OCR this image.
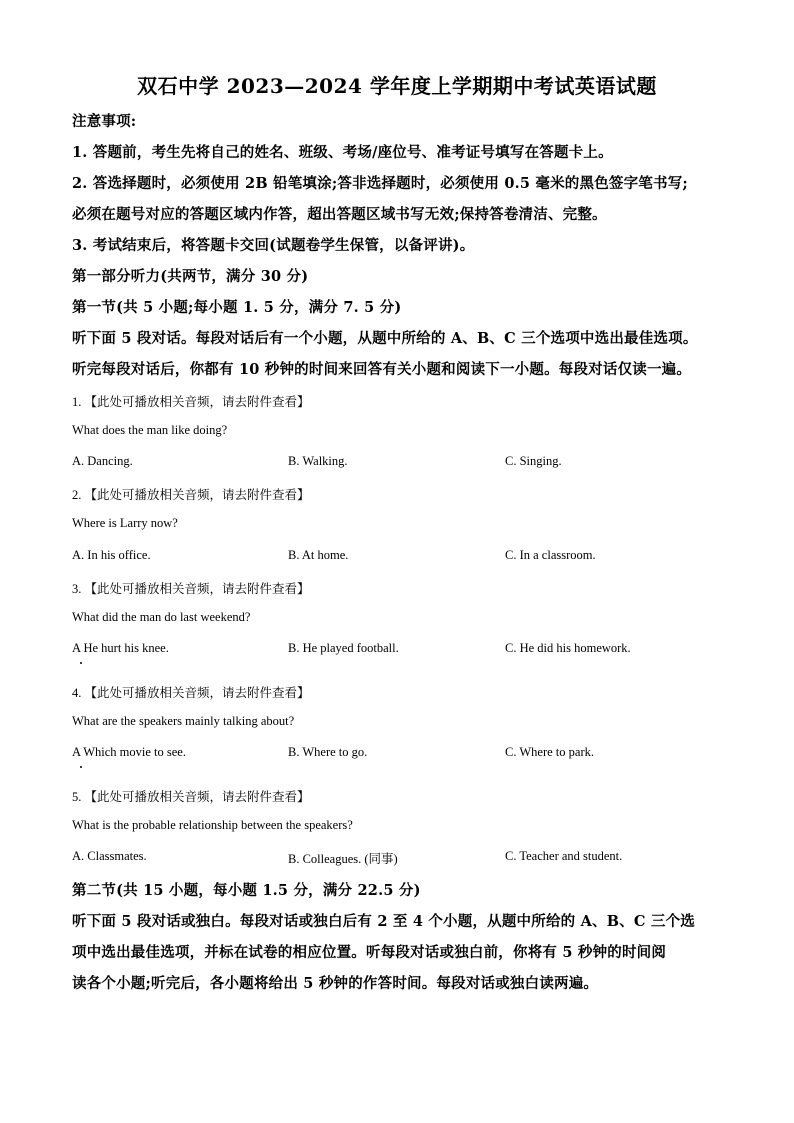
双石中学 2023—2024 学年度上学期期中考试英语试题
注意事项:
1. 答题前，考生先将自己的姓名、班级、考场/座位号、准考证号填写在答题卡上。
2. 答选择题时，必须使用 2B 铅笔填涂;答非选择题时，必须使用 0.5 毫米的黑色签字笔书写;
必须在题号对应的答题区域内作答，超出答题区域书写无效;保持答卷清洁、完整。
3. 考试结束后，将答题卡交回(试题卷学生保管，以备评讲)。
第一部分听力(共两节，满分 30 分)
第一节(共 5 小题;每小题 1. 5 分，满分 7. 5 分)
听下面 5 段对话。每段对话后有一个小题，从题中所给的 A、B、C 三个选项中选出最佳选项。
听完每段对话后，你都有 10 秒钟的时间来回答有关小题和阅读下一小题。每段对话仅读一遍。
1. 【此处可播放相关音频，请去附件查看】
What does the man like doing?
A. Dancing.	B. Walking.	C. Singing.
2. 【此处可播放相关音频，请去附件查看】
Where is Larry now?
A. In his office.	B. At home.	C. In a classroom.
3. 【此处可播放相关音频，请去附件查看】
What did the man do last weekend?
A He hurt his knee.	B. He played football.	C. He did his homework.
4. 【此处可播放相关音频，请去附件查看】
What are the speakers mainly talking about?
A Which movie to see.	B. Where to go.	C. Where to park.
5. 【此处可播放相关音频，请去附件查看】
What is the probable relationship between the speakers?
A. Classmates.	B. Colleagues. (同事)	C. Teacher and student.
第二节(共 15 小题，每小题 1.5 分，满分 22.5 分)
听下面 5 段对话或独白。每段对话或独白后有 2 至 4 个小题，从题中所给的 A、B、C 三个选
项中选出最佳选项，并标在试卷的相应位置。听每段对话或独白前，你将有 5 秒钟的时间阅
读各个小题;听完后，各小题将给出 5 秒钟的作答时间。每段对话或独白读两遍。
